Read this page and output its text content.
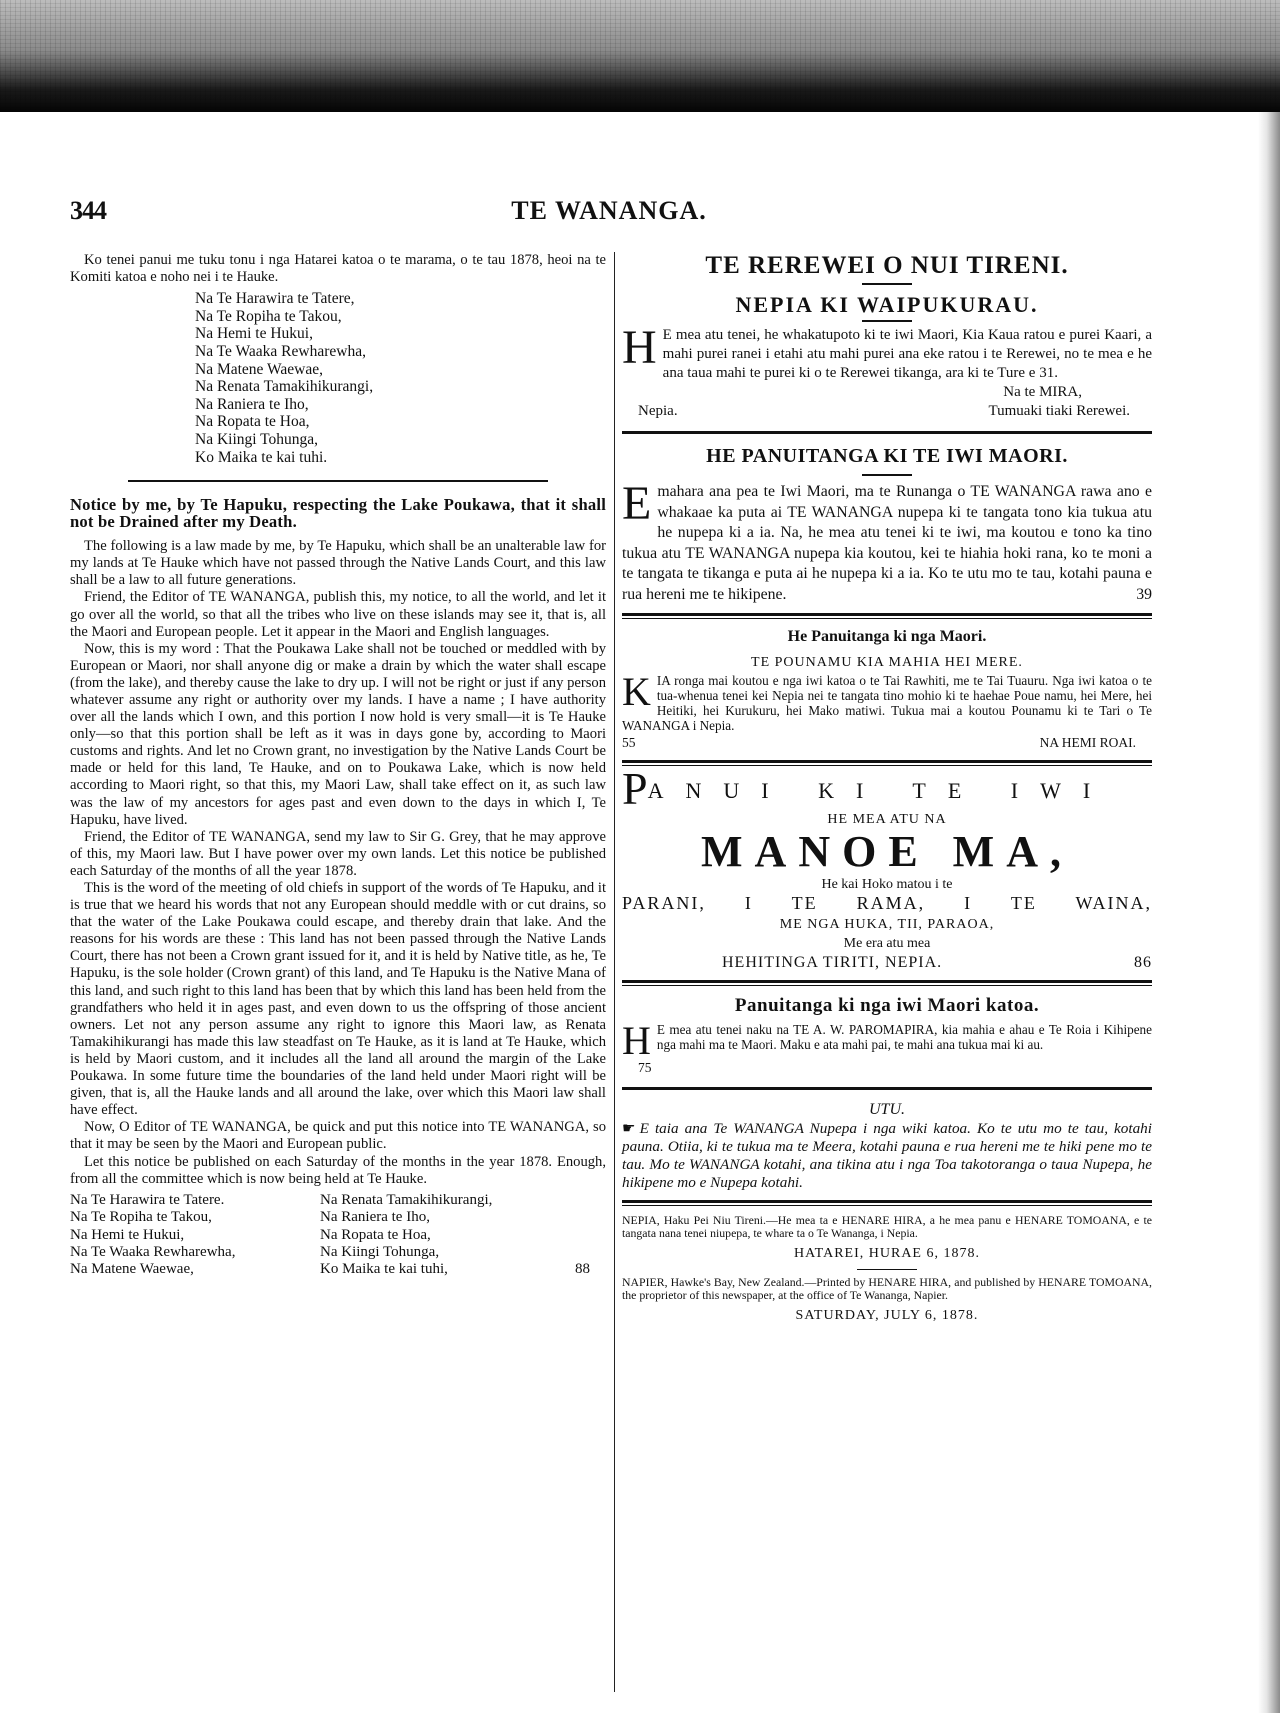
344	TE WANANGA.

Ko tenei panui me tuku tonu i nga Hatarei katoa o te marama, o te tau 1878, heoi na te Komiti katoa e noho nei i te Hauke.

Na Te Harawira te Tatere,
Na Te Ropiha te Takou,
Na Hemi te Hukui,
Na Te Waaka Rewharewha,
Na Matene Waewae,
Na Renata Tamakihikurangi,
Na Raniera te Iho,
Na Ropata te Hoa,
Na Kiingi Tohunga,
Ko Maika te kai tuhi.
Notice by me, by Te Hapuku, respecting the Lake Poukawa, that it shall not be Drained after my Death.

The following is a law made by me, by Te Hapuku, which shall be an unalterable law for my lands at Te Hauke which have not passed through the Native Lands Court, and this law shall be a law to all future generations.

Friend, the Editor of TE WANANGA, publish this, my notice, to all the world, and let it go over all the world, so that all the tribes who live on these islands may see it, that is, all the Maori and European people. Let it appear in the Maori and English languages.

Now, this is my word : That the Poukawa Lake shall not be touched or meddled with by European or Maori, nor shall anyone dig or make a drain by which the water shall escape (from the lake), and thereby cause the lake to dry up. I will not be right or just if any person whatever assume any right or authority over my lands. I have a name ; I have authority over all the lands which I own, and this portion I now hold is very small—it is Te Hauke only—so that this portion shall be left as it was in days gone by, according to Maori customs and rights. And let no Crown grant, no investigation by the Native Lands Court be made or held for this land, Te Hauke, and on to Poukawa Lake, which is now held according to Maori right, so that this, my Maori Law, shall take effect on it, as such law was the law of my ancestors for ages past and even down to the days in which I, Te Hapuku, have lived.

Friend, the Editor of TE WANANGA, send my law to Sir G. Grey, that he may approve of this, my Maori law. But I have power over my own lands. Let this notice be published each Saturday of the months of all the year 1878.

This is the word of the meeting of old chiefs in support of the words of Te Hapuku, and it is true that we heard his words that not any European should meddle with or cut drains, so that the water of the Lake Poukawa could escape, and thereby drain that lake. And the reasons for his words are these : This land has not been passed through the Native Lands Court, there has not been a Crown grant issued for it, and it is held by Native title, as he, Te Hapuku, is the sole holder (Crown grant) of this land, and Te Hapuku is the Native Mana of this land, and such right to this land has been that by which this land has been held from the grandfathers who held it in ages past, and even down to us the offspring of those ancient owners. Let not any person assume any right to ignore this Maori law, as Renata Tamakihikurangi has made this law steadfast on Te Hauke, as it is land at Te Hauke, which is held by Maori custom, and it includes all the land all around the margin of the Lake Poukawa. In some future time the boundaries of the land held under Maori right will be given, that is, all the Hauke lands and all around the lake, over which this Maori law shall have effect.

Now, O Editor of TE WANANGA, be quick and put this notice into TE WANANGA, so that it may be seen by the Maori and European public.

Let this notice be published on each Saturday of the months in the year 1878. Enough, from all the committee which is now being held at Te Hauke.

Na Te Harawira te Tatere.	Na Renata Tamakihikurangi,
Na Te Ropiha te Takou,	Na Raniera te Iho,
Na Hemi te Hukui,	Na Ropata te Hoa,
Na Te Waaka Rewharewha,	Na Kiingi Tohunga,
Na Matene Waewae,	Ko Maika te kai tuhi,	88
TE REREWEI O NUI TIRENI.
NEPIA KI WAIPUKURAU.

H E mea atu tenei, he whakatupoto ki te iwi Maori, Kia Kaua ratou e purei Kaari, a mahi purei ranei i etahi atu mahi purei ana eke ratou i te Rerewei, no te mea e he ana taua mahi te purei ki o te Rerewei tikanga, ara ki te Ture e 31.

Na te MIRA,
Nepia.	Tumuaki tiaki Rerewei.
HE PANUITANGA KI TE IWI MAORI.

Emahara ana pea te Iwi Maori, ma te Runanga o TE WANANGA rawa ano e whakaae ka puta ai TE WANANGA nupepa ki te tangata tono kia tukua atu he nupepa ki a ia. Na, he mea atu tenei ki te iwi, ma koutou e tono ka tino tukua atu TE WANANGA nupepa kia koutou, kei te hiahia hoki rana, ko te moni a te tangata te tikanga e puta ai he nupepa ki a ia. Ko te utu mo te tau, kotahi pauna e rua hereni me te hikipene.	39

He Panuitanga ki nga Maori.
TE POUNAMU KIA MAHIA HEI MERE.

KIA ronga mai koutou e nga iwi katoa o te Tai Rawhiti, me te Tai Tuauru. Nga iwi katoa o te tua-whenua tenei kei Nepia nei te tangata tino mohio ki te haehae Poue namu, hei Mere, hei Heitiki, hei Kurukuru, hei Mako matiwi. Tukua mai a koutou Pounamu ki te Tari o Te WANANGA i Nepia.

55	NA HEMI ROAI.
PANUI KI TE IWI
HE MEA ATU NA
MANOE MA,
He kai Hoko matou i te
PARANI, I TE RAMA, I TE WAINA,
ME NGA HUKA, TII, PARAOA,
Me era atu mea
HEHITINGA TIRITI, NEPIA.	86
Panuitanga ki nga iwi Maori katoa.

H E mea atu tenei naku na TE A. W. PAROMAPIRA, kia mahia e ahau e Te Roia i Kihipene nga mahi ma te Maori. Maku e ata mahi pai, te mahi ana tukua mai ki au.

75
UTU.

☛ E taia ana Te WANANGA Nupepa i nga wiki katoa. Ko te utu mo te tau, kotahi pauna. Otiia, ki te tukua ma te Meera, kotahi pauna e rua hereni me te hiki pene mo te tau. Mo te WANANGA kotahi, ana tikina atu i nga Toa takotoranga o taua Nupepa, he hikipene mo e Nupepa kotahi.

NEPIA, Haku Pei Niu Tireni.—He mea ta e HENARE HIRA, a he mea panu e HENARE TOMOANA, e te tangata nana tenei niupepa, te whare ta o Te Wananga, i Nepia.

HATAREI, HURAE 6, 1878.

NAPIER, Hawke's Bay, New Zealand.—Printed by HENARE HIRA, and published by HENARE TOMOANA, the proprietor of this newspaper, at the office of Te Wananga, Napier.

SATURDAY, JULY 6, 1878.
